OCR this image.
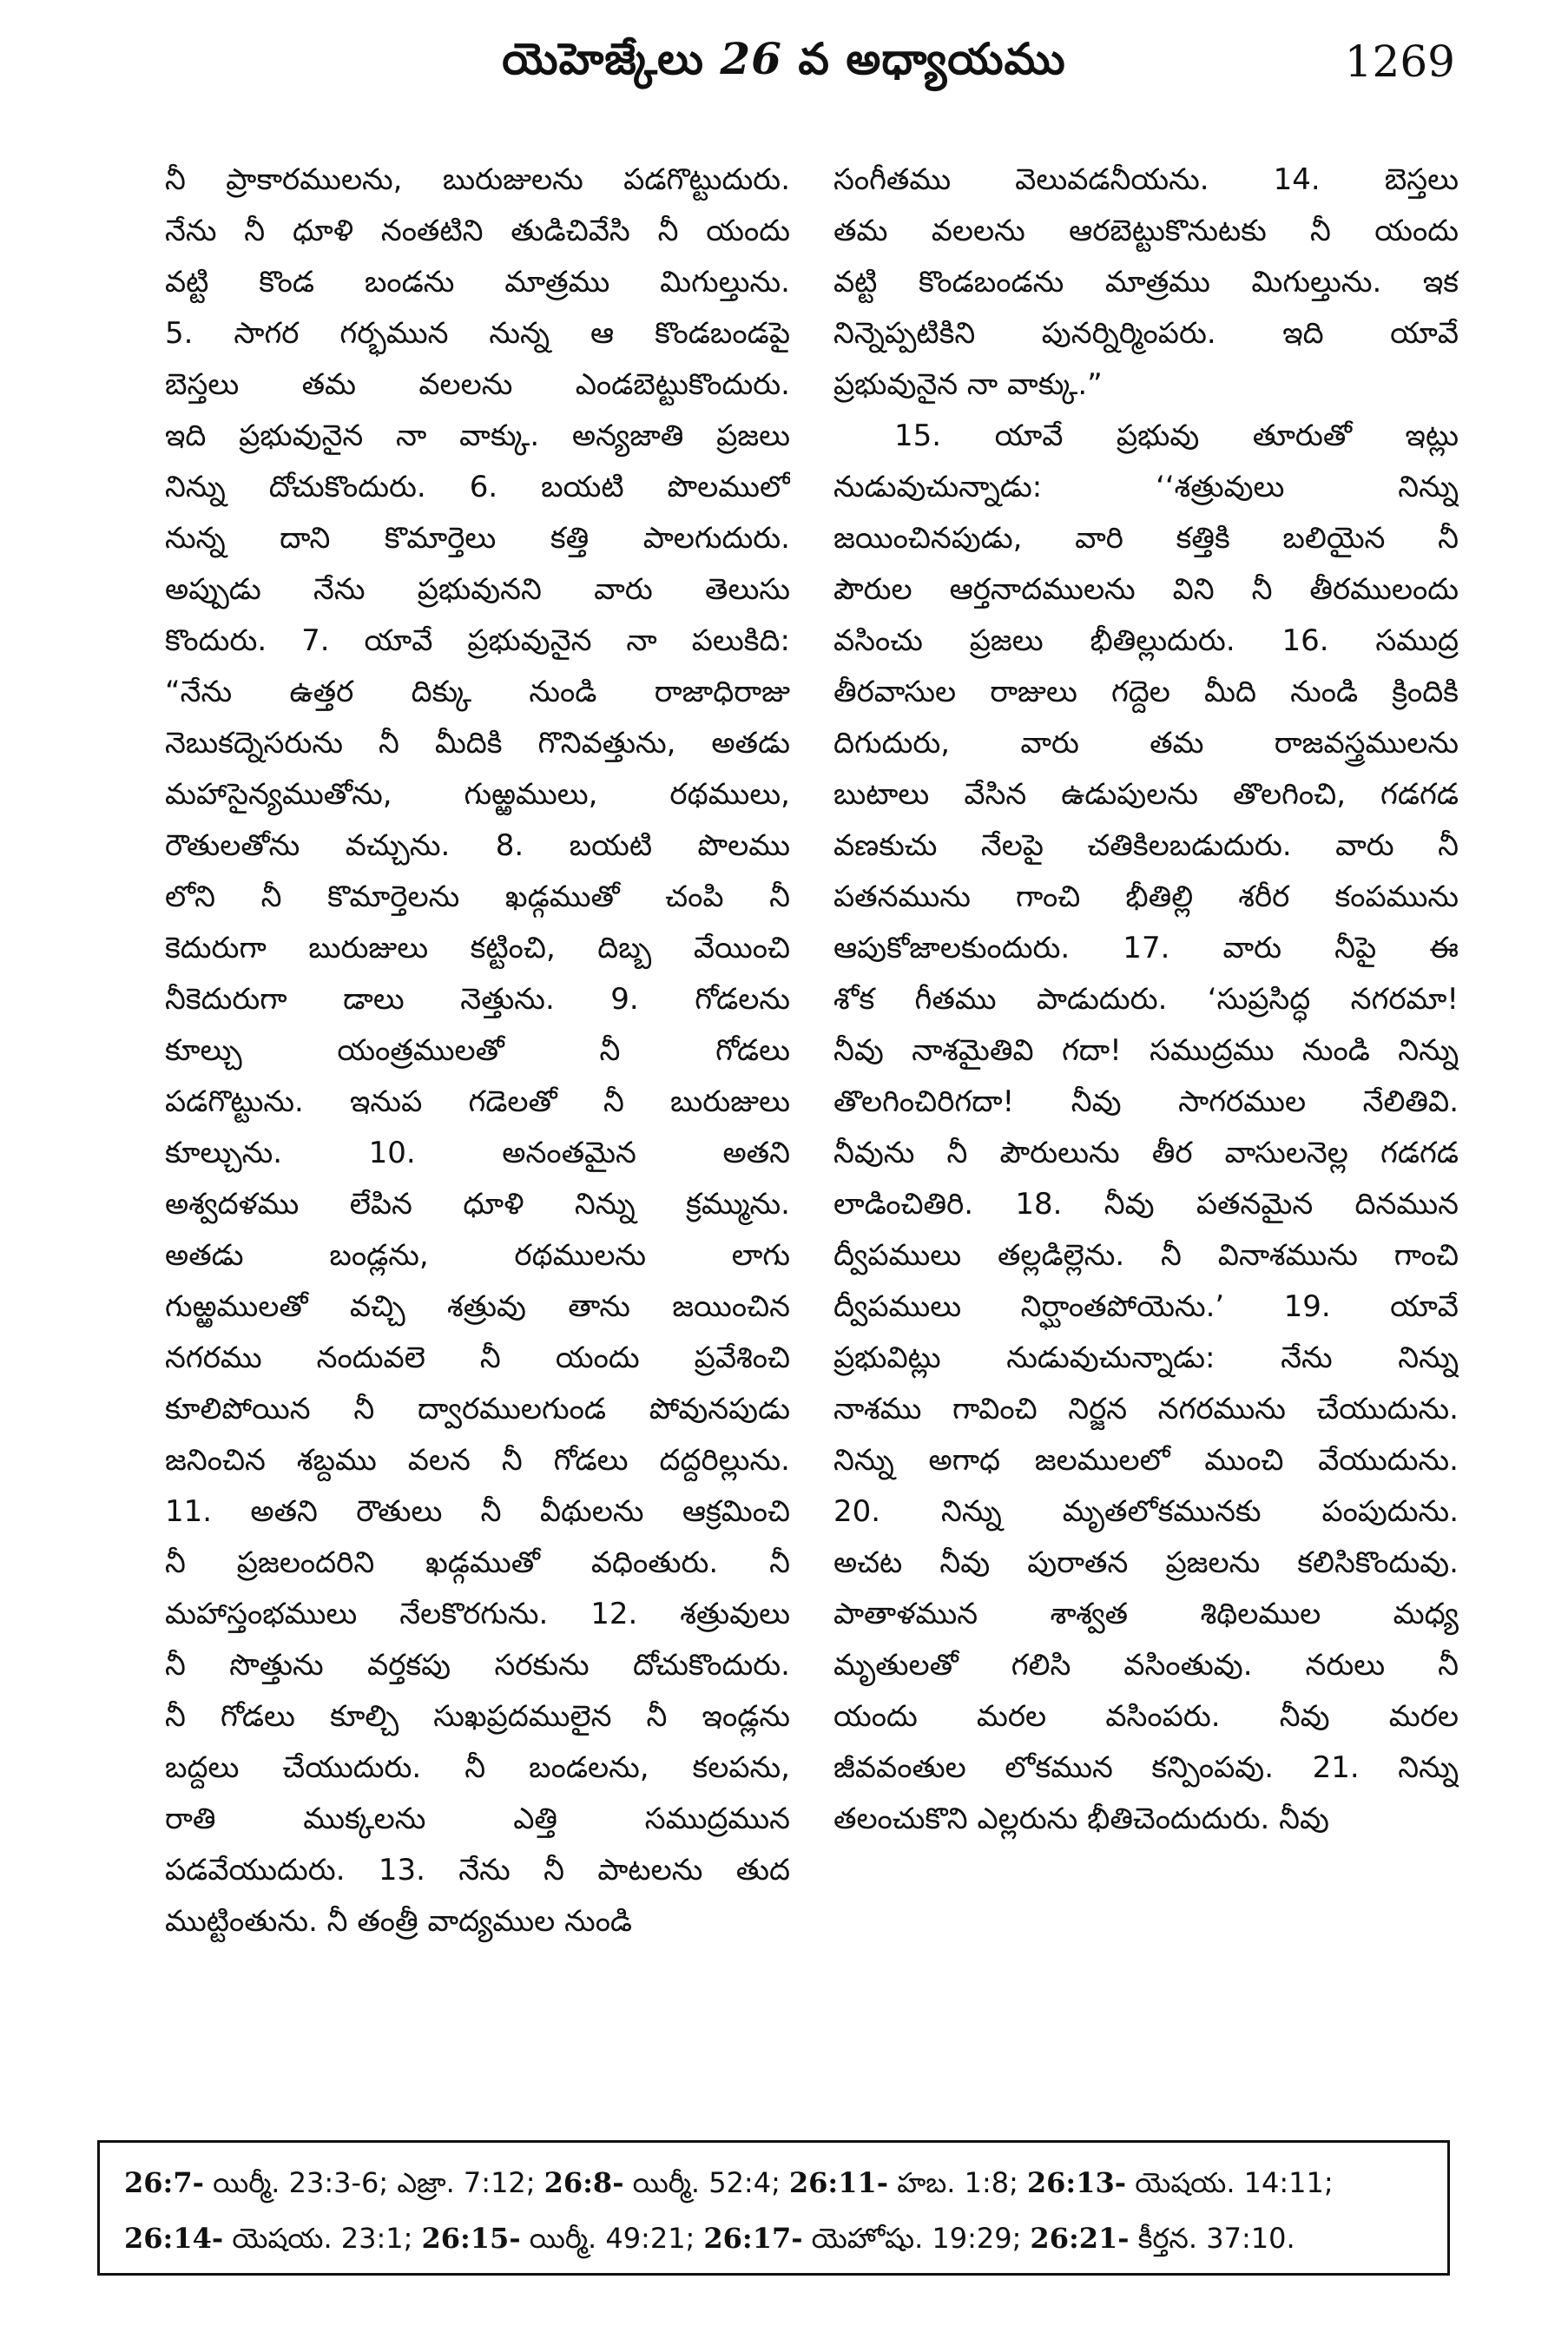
యెహెజ్కేలు 26 వ అధ్యాయము	1269
నీ ప్రాకారములను, బురుజులను పడగొట్టుదురు.
నేను నీ ధూళి నంతటిని తుడిచివేసి నీ యందు
వట్టి కొండ బండను మాత్రము మిగుల్తును.
5. సాగర గర్భమున నున్న ఆ కొండబండపై
బెస్తలు తమ వలలను ఎండబెట్టుకొందురు.
ఇది ప్రభువునైన నా వాక్కు. అన్యజాతి ప్రజలు
నిన్ను దోచుకొందురు. 6. బయటి పొలములో
నున్న దాని కొమార్తెలు కత్తి పాలగుదురు.
అప్పుడు నేను ప్రభువునని వారు తెలుసు
కొందురు. 7. యావే ప్రభువునైన నా పలుకిది:
“నేను ఉత్తర దిక్కు నుండి రాజాధిరాజు
నెబుకద్నెసరును నీ మీదికి గొనివత్తును, అతడు
మహాసైన్యముతోను, గుఱ్ఱములు, రథములు,
రౌతులతోను వచ్చును. 8. బయటి పొలము
లోని నీ కొమార్తెలను ఖడ్గముతో చంపి నీ
కెదురుగా బురుజులు కట్టించి, దిబ్బ వేయించి
నీకెదురుగా డాలు నెత్తును. 9. గోడలను
కూల్చు యంత్రములతో నీ గోడలు
పడగొట్టును. ఇనుప గడెలతో నీ బురుజులు
కూల్చును. 10. అనంతమైన అతని
అశ్వదళము లేపిన ధూళి నిన్ను క్రమ్మును.
అతడు బండ్లను, రథములను లాగు
గుఱ్ఱములతో వచ్చి శత్రువు తాను జయించిన
నగరము నందువలె నీ యందు ప్రవేశించి
కూలిపోయిన నీ ద్వారములగుండ పోవునపుడు
జనించిన శబ్దము వలన నీ గోడలు దద్దరిల్లును.
11. అతని రౌతులు నీ వీథులను ఆక్రమించి
నీ ప్రజలందరిని ఖడ్గముతో వధింతురు. నీ
మహాస్తంభములు నేలకొరగును. 12. శత్రువులు
నీ సొత్తును వర్తకపు సరకును దోచుకొందురు.
నీ గోడలు కూల్చి సుఖప్రదములైన నీ ఇండ్లను
బద్దలు చేయుదురు. నీ బండలను, కలపను,
రాతి ముక్కలను ఎత్తి సముద్రమున
పడవేయుదురు. 13. నేను నీ పాటలను తుద
ముట్టింతును. నీ తంత్రీ వాద్యముల నుండి
సంగీతము వెలువడనీయను. 14. బెస్తలు
తమ వలలను ఆరబెట్టుకొనుటకు నీ యందు
వట్టి కొండబండను మాత్రము మిగుల్తును. ఇక
నిన్నెప్పటికిని పునర్నిర్మింపరు. ఇది యావే
ప్రభువునైన నా వాక్కు.”
15. యావే ప్రభువు తూరుతో ఇట్లు
నుడువుచున్నాడు: ‘‘శత్రువులు నిన్ను
జయించినపుడు, వారి కత్తికి బలియైన నీ
పౌరుల ఆర్తనాదములను విని నీ తీరములందు
వసించు ప్రజలు భీతిల్లుదురు. 16. సముద్ర
తీరవాసుల రాజులు గద్దెల మీది నుండి క్రిందికి
దిగుదురు, వారు తమ రాజవస్త్రములను
బుటాలు వేసిన ఉడుపులను తొలగించి, గడగడ
వణకుచు నేలపై చతికిలబడుదురు. వారు నీ
పతనమును గాంచి భీతిల్లి శరీర కంపమును
ఆపుకోజాలకుందురు. 17. వారు నీపై ఈ
శోక గీతము పాడుదురు. ‘సుప్రసిద్ధ నగరమా!
నీవు నాశమైతివి గదా! సముద్రము నుండి నిన్ను
తొలగించిరిగదా! నీవు సాగరముల నేలితివి.
నీవును నీ పౌరులును తీర వాసులనెల్ల గడగడ
లాడించితిరి. 18. నీవు పతనమైన దినమున
ద్వీపములు తల్లడిల్లెను. నీ వినాశమును గాంచి
ద్వీపములు నిర్ఘాంతపోయెను.’ 19. యావే
ప్రభువిట్లు నుడువుచున్నాడు: నేను నిన్ను
నాశము గావించి నిర్జన నగరమును చేయుదును.
నిన్ను అగాధ జలములలో ముంచి వేయుదును.
20. నిన్ను మృతలోకమునకు పంపుదును.
అచట నీవు పురాతన ప్రజలను కలిసికొందువు.
పాతాళమున శాశ్వత శిథిలముల మధ్య
మృతులతో గలిసి వసింతువు. నరులు నీ
యందు మరల వసింపరు. నీవు మరల
జీవవంతుల లోకమున కన్పింపవు. 21. నిన్ను
తలంచుకొని ఎల్లరును భీతిచెందుదురు. నీవు
26:7- యిర్మీ. 23:3-6; ఎజ్రా. 7:12; 26:8- యిర్మీ. 52:4; 26:11- హబ. 1:8; 26:13- యెషయ. 14:11;
26:14- యెషయ. 23:1; 26:15- యిర్మీ. 49:21; 26:17- యెహోషు. 19:29; 26:21- కీర్తన. 37:10.
